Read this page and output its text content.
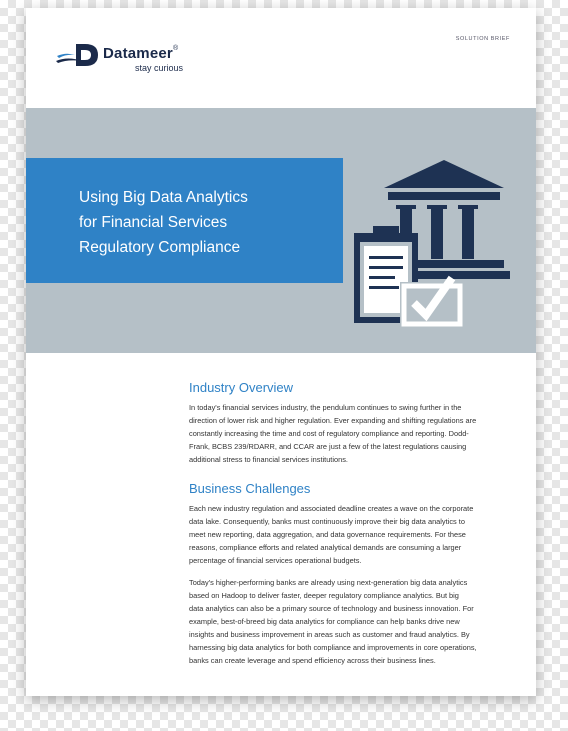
Datameer®
stay curious
SOLUTION BRIEF
Using Big Data Analytics
for Financial Services
Regulatory Compliance
Industry Overview

In today's financial services industry, the pendulum continues to swing further in the
direction of lower risk and higher regulation. Ever expanding and shifting regulations are
constantly increasing the time and cost of regulatory compliance and reporting. Dodd-
Frank, BCBS 239/RDARR, and CCAR are just a few of the latest regulations causing
additional stress to financial services institutions.

Business Challenges

Each new industry regulation and associated deadline creates a wave on the corporate
data lake. Consequently, banks must continuously improve their big data analytics to
meet new reporting, data aggregation, and data governance requirements. For these
reasons, compliance efforts and related analytical demands are consuming a larger
percentage of financial services operational budgets.

Today's higher-performing banks are already using next-generation big data analytics
based on Hadoop to deliver faster, deeper regulatory compliance analytics. But big
data analytics can also be a primary source of technology and business innovation. For
example, best-of-breed big data analytics for compliance can help banks drive new
insights and business improvement in areas such as customer and fraud analytics. By
harnessing big data analytics for both compliance and improvements in core operations,
banks can create leverage and spend efficiency across their business lines.
